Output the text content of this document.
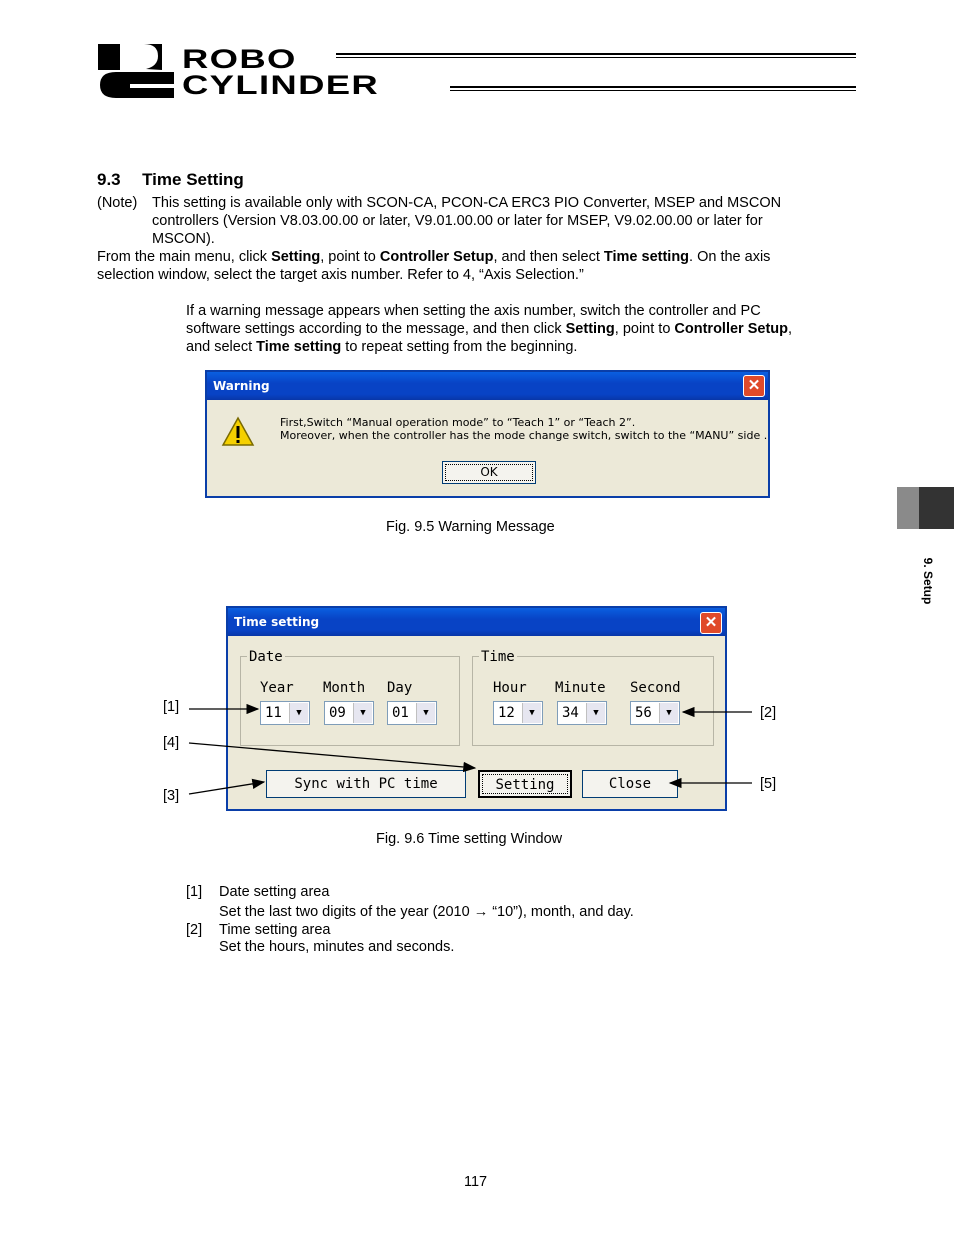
ROBO
CYLINDER
9.3 Time Setting
(Note) This setting is available only with SCON-CA, PCON-CA ERC3 PIO Converter, MSEP and MSCON
controllers (Version V8.03.00.00 or later, V9.01.00.00 or later for MSEP, V9.02.00.00 or later for
MSCON).
From the main menu, click Setting, point to Controller Setup, and then select Time setting. On the axis
selection window, select the target axis number. Refer to 4, “Axis Selection.”
If a warning message appears when setting the axis number, switch the controller and PC
software settings according to the message, and then click Setting, point to Controller Setup,
and select Time setting to repeat setting from the beginning.
Warning	✕
First,Switch “Manual operation mode” to “Teach 1” or “Teach 2”.
Moreover, when the controller has the mode change switch, switch to the “MANU” side .
OK
Fig. 9.5 Warning Message
9. Setup
Time setting	✕
Date
Year Month Day
11	▼	09	▼	01	▼
Time
Hour Minute Second
12	▼	34	▼	56	▼
Sync with PC time	Setting	Close
[1]	[2]
[4]
[3]
[5]
Fig. 9.6 Time setting Window
[1] Date setting area
Set the last two digits of the year (2010 → “10”), month, and day.
[2] Time setting area
Set the hours, minutes and seconds.
117
